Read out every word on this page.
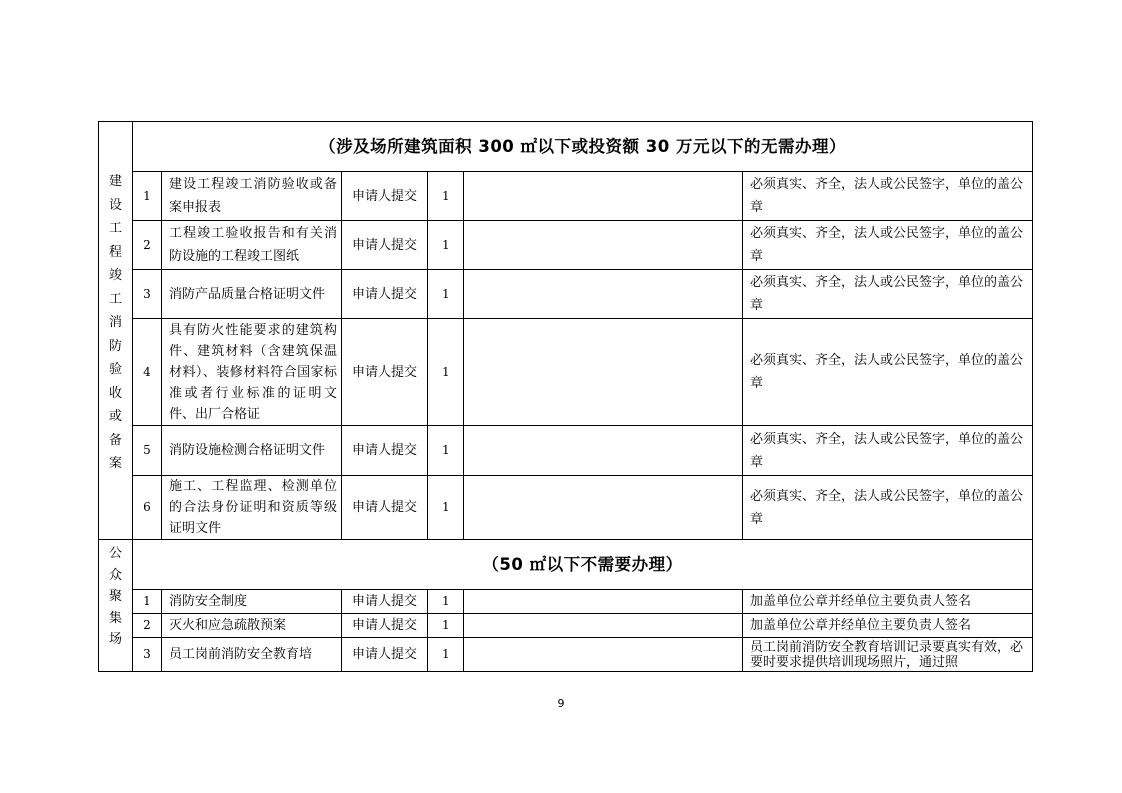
建设工程竣工消防验收或备案	（涉及场所建筑面积 300 ㎡以下或投资额 30 万元以下的无需办理）					
	1	建设工程竣工消防验收或备案申报表	申请人提交	1		必须真实、齐全，法人或公民签字，单位的盖公章
	2	工程竣工验收报告和有关消防设施的工程竣工图纸	申请人提交	1		必须真实、齐全，法人或公民签字，单位的盖公章
	3	消防产品质量合格证明文件	申请人提交	1		必须真实、齐全，法人或公民签字，单位的盖公章
	4	具有防火性能要求的建筑构件、建筑材料（含建筑保温材料）、装修材料符合国家标准或者行业标准的证明文件、出厂合格证	申请人提交	1		必须真实、齐全，法人或公民签字，单位的盖公章
	5	消防设施检测合格证明文件	申请人提交	1		必须真实、齐全，法人或公民签字，单位的盖公章
	6	施工、工程监理、检测单位的合法身份证明和资质等级证明文件	申请人提交	1		必须真实、齐全，法人或公民签字，单位的盖公章
公众聚集场	（50 ㎡以下不需要办理）					
	1	消防安全制度	申请人提交	1		加盖单位公章并经单位主要负责人签名
	2	灭火和应急疏散预案	申请人提交	1		加盖单位公章并经单位主要负责人签名
	3	员工岗前消防安全教育培	申请人提交	1		员工岗前消防安全教育培训记录要真实有效，必要时要求提供培训现场照片，通过照
9
